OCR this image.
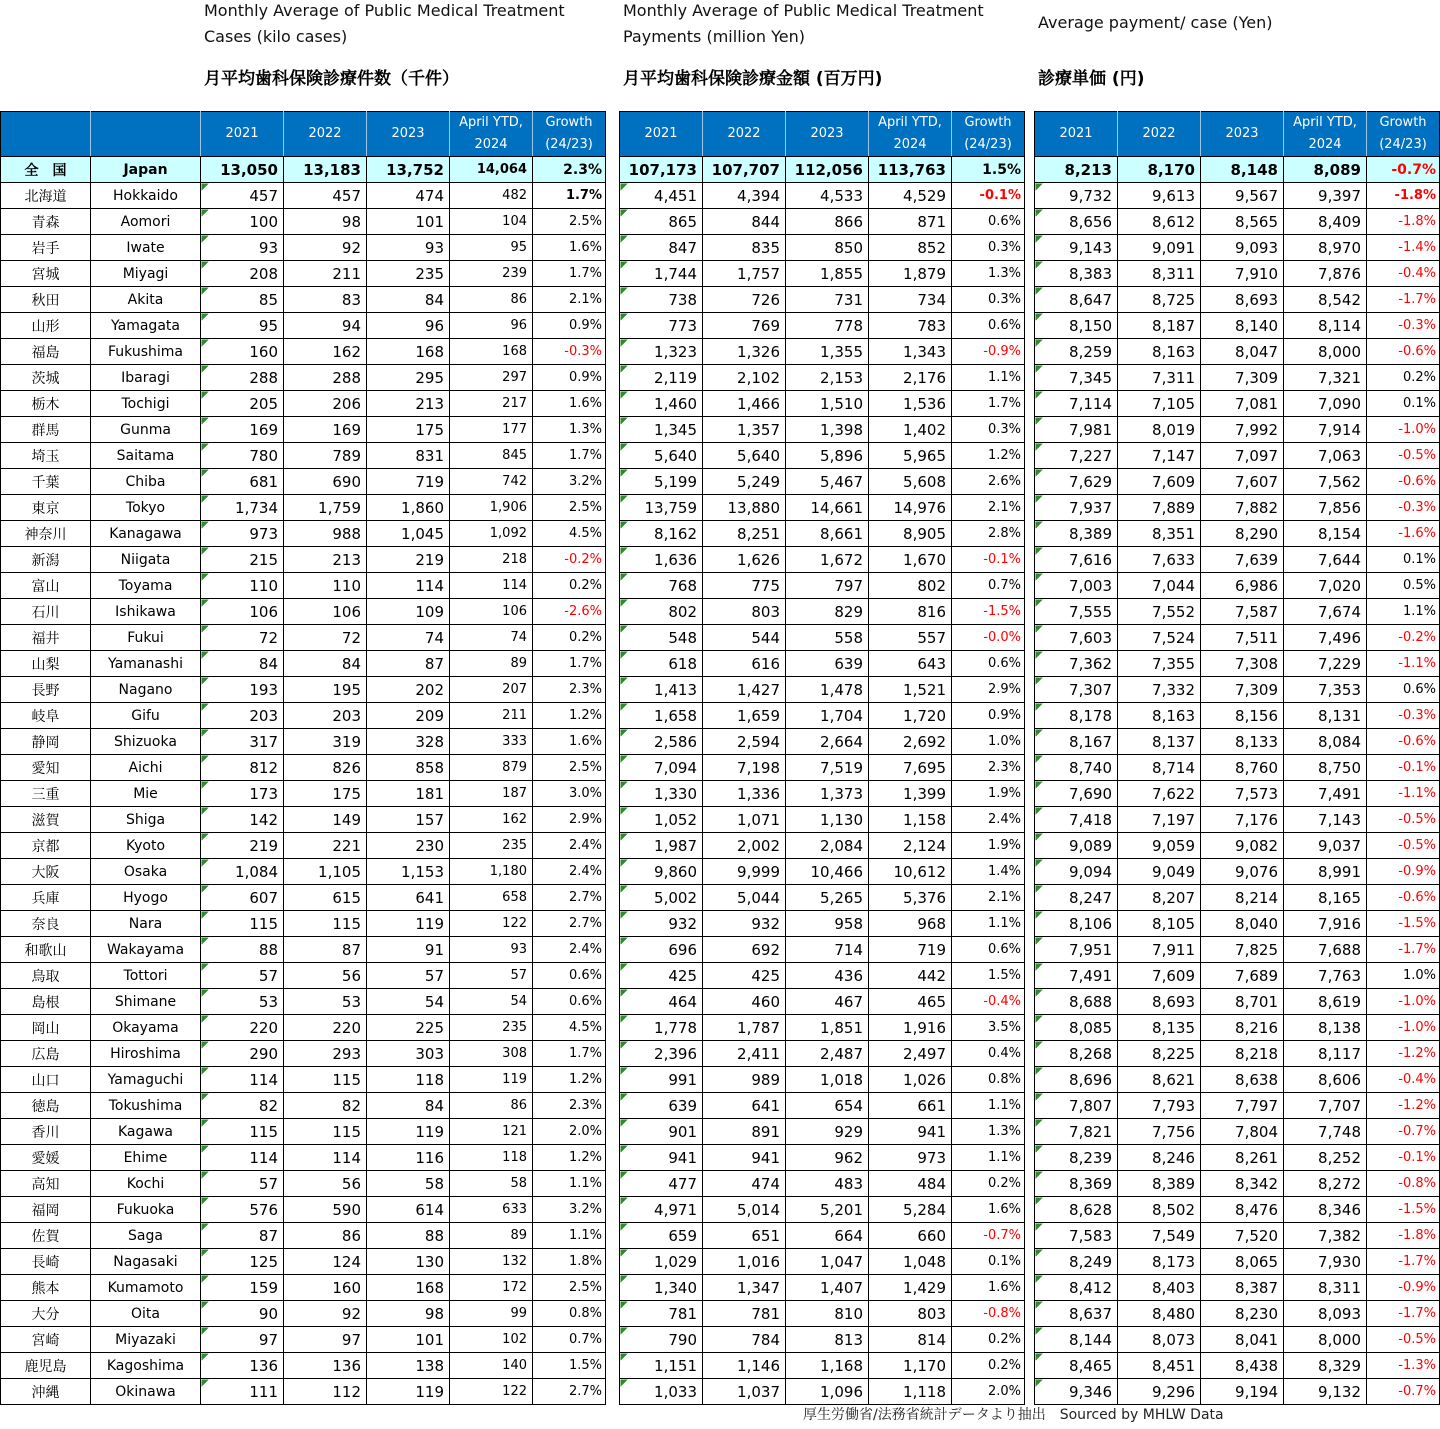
Monthly Average of Public Medical Treatment Cases (kilo cases)
月平均歯科保険診療件数（千件）
Monthly Average of Public Medical Treatment Payments (million Yen)
月平均歯科保険診療金額 (百万円)
Average payment/ case (Yen)
診療単価 (円)
		2021	2022	2023	April YTD, 2024	Growth (24/23)
全　国	Japan	13,050	13,183	13,752	14,064	2.3%
北海道	Hokkaido	457	457	474	482	1.7%
青森	Aomori	100	98	101	104	2.5%
岩手	Iwate	93	92	93	95	1.6%
宮城	Miyagi	208	211	235	239	1.7%
秋田	Akita	85	83	84	86	2.1%
山形	Yamagata	95	94	96	96	0.9%
福島	Fukushima	160	162	168	168	-0.3%
茨城	Ibaragi	288	288	295	297	0.9%
栃木	Tochigi	205	206	213	217	1.6%
群馬	Gunma	169	169	175	177	1.3%
埼玉	Saitama	780	789	831	845	1.7%
千葉	Chiba	681	690	719	742	3.2%
東京	Tokyo	1,734	1,759	1,860	1,906	2.5%
神奈川	Kanagawa	973	988	1,045	1,092	4.5%
新潟	Niigata	215	213	219	218	-0.2%
富山	Toyama	110	110	114	114	0.2%
石川	Ishikawa	106	106	109	106	-2.6%
福井	Fukui	72	72	74	74	0.2%
山梨	Yamanashi	84	84	87	89	1.7%
長野	Nagano	193	195	202	207	2.3%
岐阜	Gifu	203	203	209	211	1.2%
静岡	Shizuoka	317	319	328	333	1.6%
愛知	Aichi	812	826	858	879	2.5%
三重	Mie	173	175	181	187	3.0%
滋賀	Shiga	142	149	157	162	2.9%
京都	Kyoto	219	221	230	235	2.4%
大阪	Osaka	1,084	1,105	1,153	1,180	2.4%
兵庫	Hyogo	607	615	641	658	2.7%
奈良	Nara	115	115	119	122	2.7%
和歌山	Wakayama	88	87	91	93	2.4%
鳥取	Tottori	57	56	57	57	0.6%
島根	Shimane	53	53	54	54	0.6%
岡山	Okayama	220	220	225	235	4.5%
広島	Hiroshima	290	293	303	308	1.7%
山口	Yamaguchi	114	115	118	119	1.2%
徳島	Tokushima	82	82	84	86	2.3%
香川	Kagawa	115	115	119	121	2.0%
愛媛	Ehime	114	114	116	118	1.2%
高知	Kochi	57	56	58	58	1.1%
福岡	Fukuoka	576	590	614	633	3.2%
佐賀	Saga	87	86	88	89	1.1%
長崎	Nagasaki	125	124	130	132	1.8%
熊本	Kumamoto	159	160	168	172	2.5%
大分	Oita	90	92	98	99	0.8%
宮崎	Miyazaki	97	97	101	102	0.7%
鹿児島	Kagoshima	136	136	138	140	1.5%
沖縄	Okinawa	111	112	119	122	2.7%
2021	2022	2023	April YTD, 2024	Growth (24/23)
107,173	107,707	112,056	113,763	1.5%
4,451	4,394	4,533	4,529	-0.1%
865	844	866	871	0.6%
847	835	850	852	0.3%
1,744	1,757	1,855	1,879	1.3%
738	726	731	734	0.3%
773	769	778	783	0.6%
1,323	1,326	1,355	1,343	-0.9%
2,119	2,102	2,153	2,176	1.1%
1,460	1,466	1,510	1,536	1.7%
1,345	1,357	1,398	1,402	0.3%
5,640	5,640	5,896	5,965	1.2%
5,199	5,249	5,467	5,608	2.6%
13,759	13,880	14,661	14,976	2.1%
8,162	8,251	8,661	8,905	2.8%
1,636	1,626	1,672	1,670	-0.1%
768	775	797	802	0.7%
802	803	829	816	-1.5%
548	544	558	557	-0.0%
618	616	639	643	0.6%
1,413	1,427	1,478	1,521	2.9%
1,658	1,659	1,704	1,720	0.9%
2,586	2,594	2,664	2,692	1.0%
7,094	7,198	7,519	7,695	2.3%
1,330	1,336	1,373	1,399	1.9%
1,052	1,071	1,130	1,158	2.4%
1,987	2,002	2,084	2,124	1.9%
9,860	9,999	10,466	10,612	1.4%
5,002	5,044	5,265	5,376	2.1%
932	932	958	968	1.1%
696	692	714	719	0.6%
425	425	436	442	1.5%
464	460	467	465	-0.4%
1,778	1,787	1,851	1,916	3.5%
2,396	2,411	2,487	2,497	0.4%
991	989	1,018	1,026	0.8%
639	641	654	661	1.1%
901	891	929	941	1.3%
941	941	962	973	1.1%
477	474	483	484	0.2%
4,971	5,014	5,201	5,284	1.6%
659	651	664	660	-0.7%
1,029	1,016	1,047	1,048	0.1%
1,340	1,347	1,407	1,429	1.6%
781	781	810	803	-0.8%
790	784	813	814	0.2%
1,151	1,146	1,168	1,170	0.2%
1,033	1,037	1,096	1,118	2.0%
2021	2022	2023	April YTD, 2024	Growth (24/23)
8,213	8,170	8,148	8,089	-0.7%
9,732	9,613	9,567	9,397	-1.8%
8,656	8,612	8,565	8,409	-1.8%
9,143	9,091	9,093	8,970	-1.4%
8,383	8,311	7,910	7,876	-0.4%
8,647	8,725	8,693	8,542	-1.7%
8,150	8,187	8,140	8,114	-0.3%
8,259	8,163	8,047	8,000	-0.6%
7,345	7,311	7,309	7,321	0.2%
7,114	7,105	7,081	7,090	0.1%
7,981	8,019	7,992	7,914	-1.0%
7,227	7,147	7,097	7,063	-0.5%
7,629	7,609	7,607	7,562	-0.6%
7,937	7,889	7,882	7,856	-0.3%
8,389	8,351	8,290	8,154	-1.6%
7,616	7,633	7,639	7,644	0.1%
7,003	7,044	6,986	7,020	0.5%
7,555	7,552	7,587	7,674	1.1%
7,603	7,524	7,511	7,496	-0.2%
7,362	7,355	7,308	7,229	-1.1%
7,307	7,332	7,309	7,353	0.6%
8,178	8,163	8,156	8,131	-0.3%
8,167	8,137	8,133	8,084	-0.6%
8,740	8,714	8,760	8,750	-0.1%
7,690	7,622	7,573	7,491	-1.1%
7,418	7,197	7,176	7,143	-0.5%
9,089	9,059	9,082	9,037	-0.5%
9,094	9,049	9,076	8,991	-0.9%
8,247	8,207	8,214	8,165	-0.6%
8,106	8,105	8,040	7,916	-1.5%
7,951	7,911	7,825	7,688	-1.7%
7,491	7,609	7,689	7,763	1.0%
8,688	8,693	8,701	8,619	-1.0%
8,085	8,135	8,216	8,138	-1.0%
8,268	8,225	8,218	8,117	-1.2%
8,696	8,621	8,638	8,606	-0.4%
7,807	7,793	7,797	7,707	-1.2%
7,821	7,756	7,804	7,748	-0.7%
8,239	8,246	8,261	8,252	-0.1%
8,369	8,389	8,342	8,272	-0.8%
8,628	8,502	8,476	8,346	-1.5%
7,583	7,549	7,520	7,382	-1.8%
8,249	8,173	8,065	7,930	-1.7%
8,412	8,403	8,387	8,311	-0.9%
8,637	8,480	8,230	8,093	-1.7%
8,144	8,073	8,041	8,000	-0.5%
8,465	8,451	8,438	8,329	-1.3%
9,346	9,296	9,194	9,132	-0.7%
厚生労働省/法務省統計データより抽出　Sourced by MHLW Data
